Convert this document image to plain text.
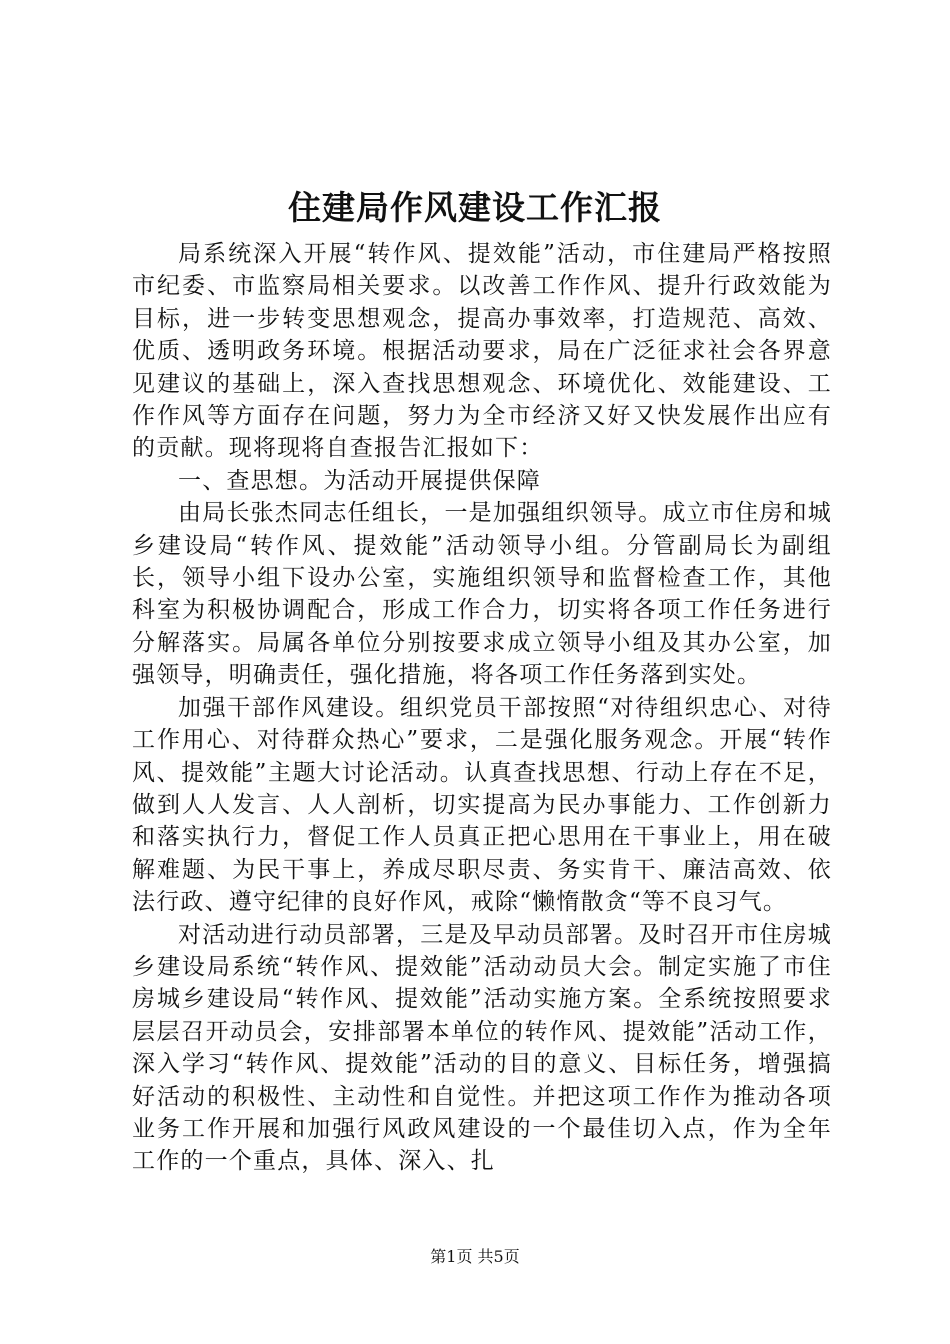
住建局作风建设工作汇报

局系统深入开展“转作风、提效能”活动，市住建局严格按照市纪委、市监察局相关要求。以改善工作作风、提升行政效能为目标，进一步转变思想观念，提高办事效率，打造规范、高效、优质、透明政务环境。根据活动要求，局在广泛征求社会各界意见建议的基础上，深入查找思想观念、环境优化、效能建设、工作作风等方面存在问题，努力为全市经济又好又快发展作出应有的贡献。现将现将自查报告汇报如下：

一、查思想。为活动开展提供保障

由局长张杰同志任组长，一是加强组织领导。成立市住房和城乡建设局“转作风、提效能”活动领导小组。分管副局长为副组长，领导小组下设办公室，实施组织领导和监督检查工作，其他科室为积极协调配合，形成工作合力，切实将各项工作任务进行分解落实。局属各单位分别按要求成立领导小组及其办公室，加强领导，明确责任，强化措施，将各项工作任务落到实处。

加强干部作风建设。组织党员干部按照“对待组织忠心、对待工作用心、对待群众热心”要求，二是强化服务观念。开展“转作风、提效能”主题大讨论活动。认真查找思想、行动上存在不足，做到人人发言、人人剖析，切实提高为民办事能力、工作创新力和落实执行力，督促工作人员真正把心思用在干事业上，用在破解难题、为民干事上，养成尽职尽责、务实肯干、廉洁高效、依法行政、遵守纪律的良好作风，戒除“懒惰散贪“等不良习气。

对活动进行动员部署，三是及早动员部署。及时召开市住房城乡建设局系统“转作风、提效能”活动动员大会。制定实施了市住房城乡建设局“转作风、提效能”活动实施方案。全系统按照要求层层召开动员会，安排部署本单位的转作风、提效能”活动工作，深入学习“转作风、提效能”活动的目的意义、目标任务，增强搞好活动的积极性、主动性和自觉性。并把这项工作作为推动各项业务工作开展和加强行风政风建设的一个最佳切入点，作为全年工作的一个重点，具体、深入、扎

第1页 共5页
